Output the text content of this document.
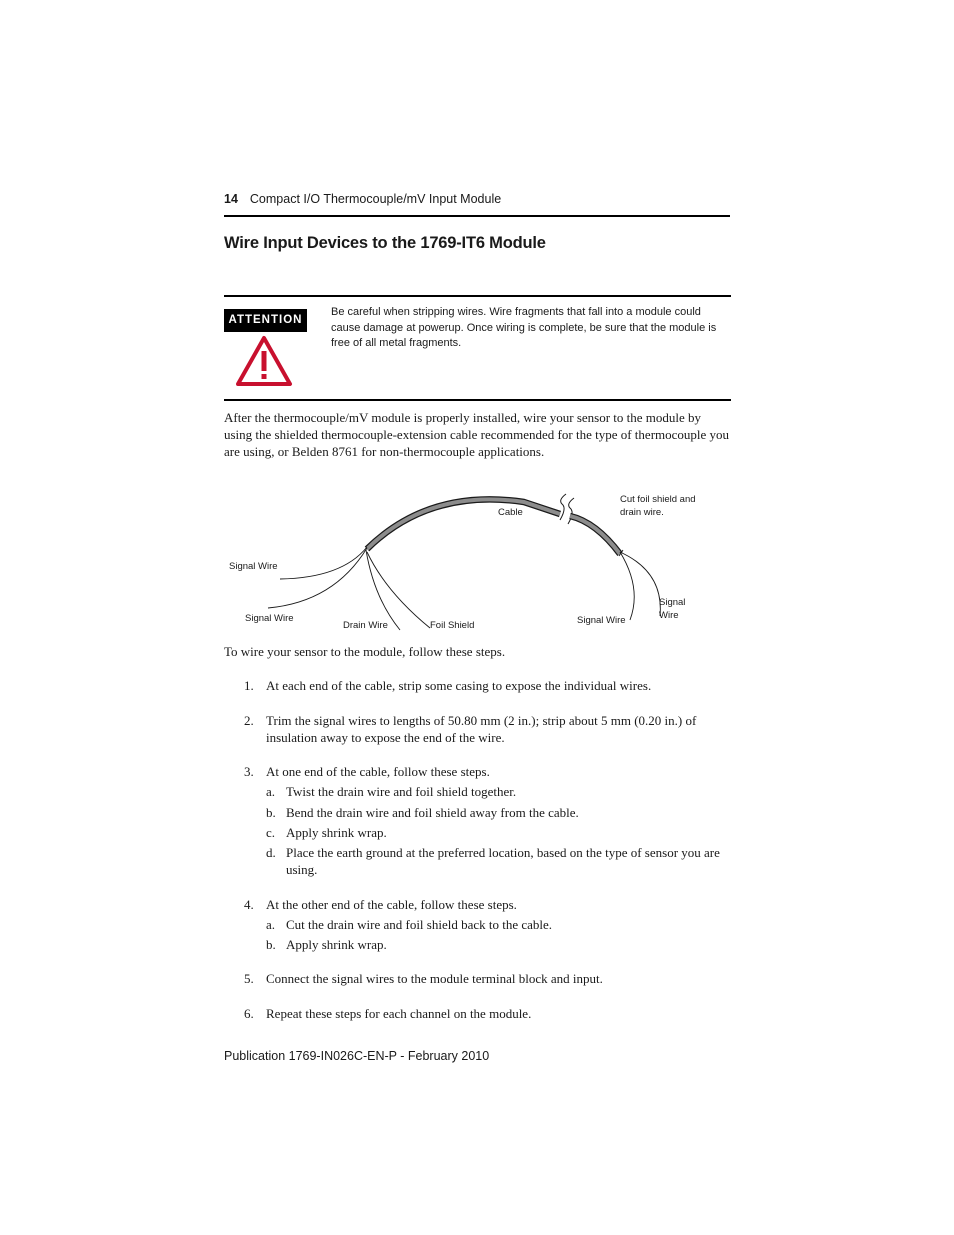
14 Compact I/O Thermocouple/mV Input Module
Wire Input Devices to the 1769-IT6 Module
ATTENTION
Be careful when stripping wires. Wire fragments that fall into a module could cause damage at powerup. Once wiring is complete, be sure that the module is free of all metal fragments.
After the thermocouple/mV module is properly installed, wire your sensor to the module by using the shielded thermocouple-extension cable recommended for the type of thermocouple you are using, or Belden 8761 for non-thermocouple applications.
Cable
Cut foil shield and
drain wire.
Signal Wire
Signal Wire
Drain Wire	Foil Shield	Signal Wire
Signal
Wire
To wire your sensor to the module, follow these steps.
1. At each end of the cable, strip some casing to expose the individual wires.
2. Trim the signal wires to lengths of 50.80 mm (2 in.); strip about 5 mm (0.20 in.) of insulation away to expose the end of the wire.
3. At one end of the cable, follow these steps.
a. Twist the drain wire and foil shield together.
b. Bend the drain wire and foil shield away from the cable.
c. Apply shrink wrap.
d. Place the earth ground at the preferred location, based on the type of sensor you are using.
4. At the other end of the cable, follow these steps.
a. Cut the drain wire and foil shield back to the cable.
b. Apply shrink wrap.
5. Connect the signal wires to the module terminal block and input.
6. Repeat these steps for each channel on the module.
Publication 1769-IN026C-EN-P - February 2010
